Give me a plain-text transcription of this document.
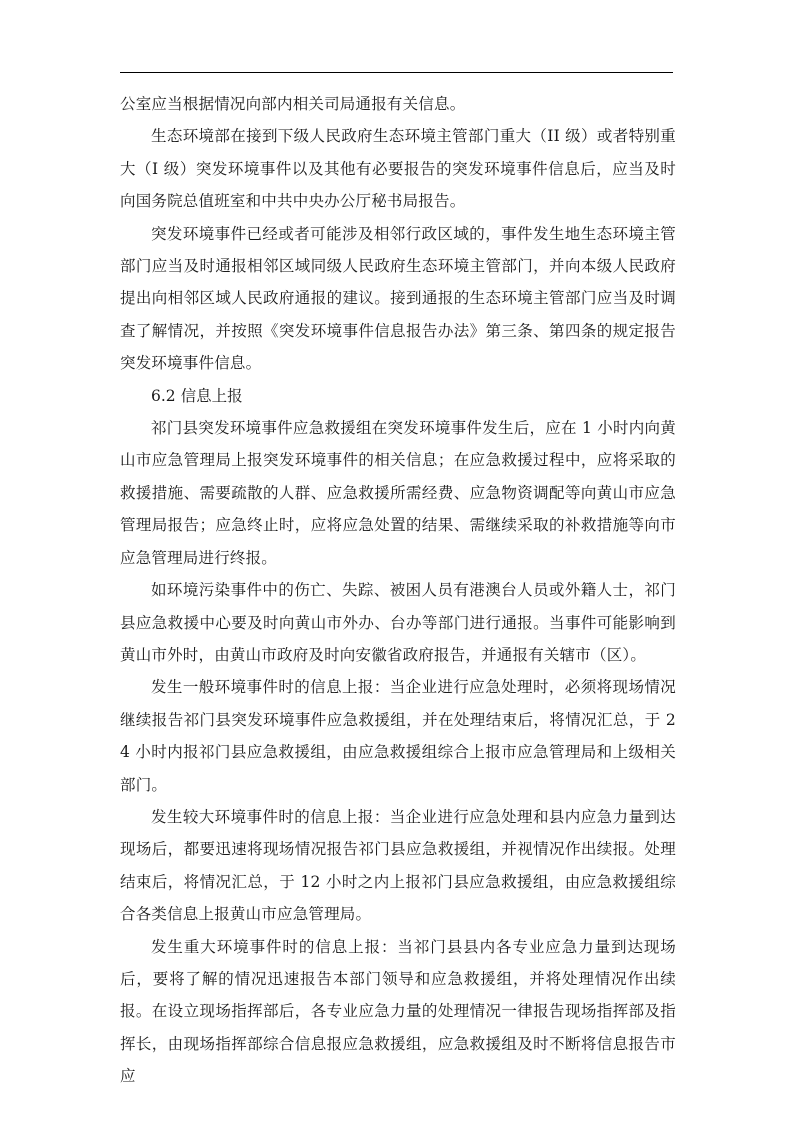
公室应当根据情况向部内相关司局通报有关信息。

生态环境部在接到下级人民政府生态环境主管部门重大（II 级）或者特别重大（I 级）突发环境事件以及其他有必要报告的突发环境事件信息后，应当及时向国务院总值班室和中共中央办公厅秘书局报告。

突发环境事件已经或者可能涉及相邻行政区域的，事件发生地生态环境主管部门应当及时通报相邻区域同级人民政府生态环境主管部门，并向本级人民政府提出向相邻区域人民政府通报的建议。接到通报的生态环境主管部门应当及时调查了解情况，并按照《突发环境事件信息报告办法》第三条、第四条的规定报告突发环境事件信息。

6.2 信息上报

祁门县突发环境事件应急救援组在突发环境事件发生后，应在 1 小时内向黄山市应急管理局上报突发环境事件的相关信息；在应急救援过程中，应将采取的救援措施、需要疏散的人群、应急救援所需经费、应急物资调配等向黄山市应急管理局报告；应急终止时，应将应急处置的结果、需继续采取的补救措施等向市应急管理局进行终报。

如环境污染事件中的伤亡、失踪、被困人员有港澳台人员或外籍人士，祁门县应急救援中心要及时向黄山市外办、台办等部门进行通报。当事件可能影响到黄山市外时，由黄山市政府及时向安徽省政府报告，并通报有关辖市（区）。

发生一般环境事件时的信息上报：当企业进行应急处理时，必须将现场情况继续报告祁门县突发环境事件应急救援组，并在处理结束后，将情况汇总，于 24 小时内报祁门县应急救援组，由应急救援组综合上报市应急管理局和上级相关部门。

发生较大环境事件时的信息上报：当企业进行应急处理和县内应急力量到达现场后，都要迅速将现场情况报告祁门县应急救援组，并视情况作出续报。处理结束后，将情况汇总，于 12 小时之内上报祁门县应急救援组，由应急救援组综合各类信息上报黄山市应急管理局。

发生重大环境事件时的信息上报：当祁门县县内各专业应急力量到达现场后，要将了解的情况迅速报告本部门领导和应急救援组，并将处理情况作出续报。在设立现场指挥部后，各专业应急力量的处理情况一律报告现场指挥部及指挥长，由现场指挥部综合信息报应急救援组，应急救援组及时不断将信息报告市应
